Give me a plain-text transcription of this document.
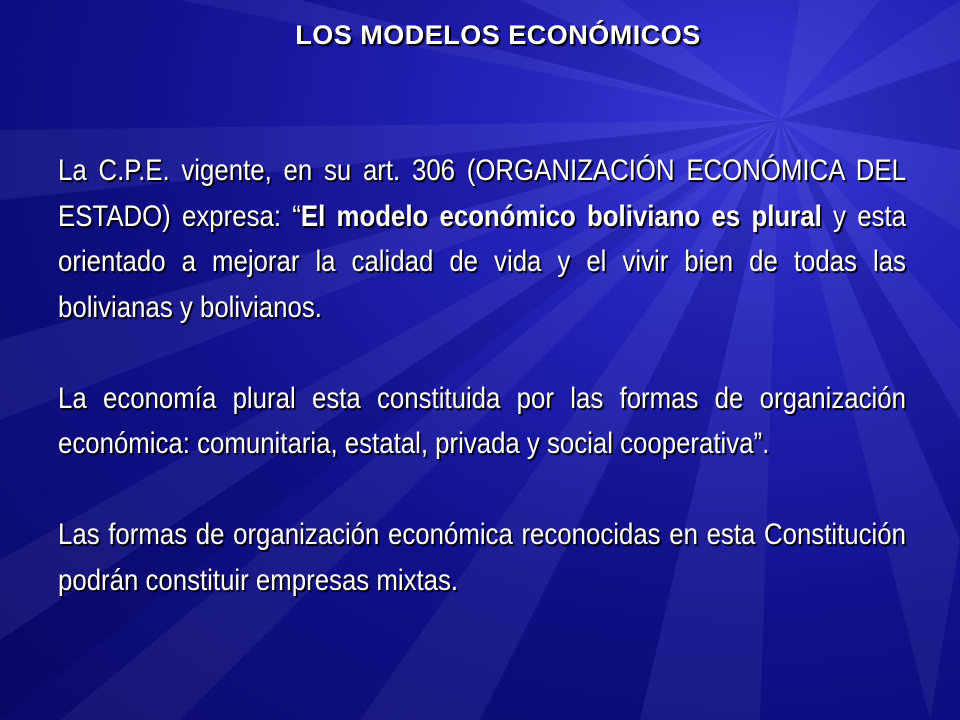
LOS MODELOS ECONÓMICOS

La C.P.E. vigente, en su art. 306 (ORGANIZACIÓN ECONÓMICA DEL ESTADO) expresa: “El modelo económico boliviano es plural y esta orientado a mejorar la calidad de vida y el vivir bien de todas las bolivianas y bolivianos.

La economía plural esta constituida por las formas de organización económica: comunitaria, estatal, privada y social cooperativa”.

Las formas de organización económica reconocidas en esta Constitución podrán constituir empresas mixtas.
